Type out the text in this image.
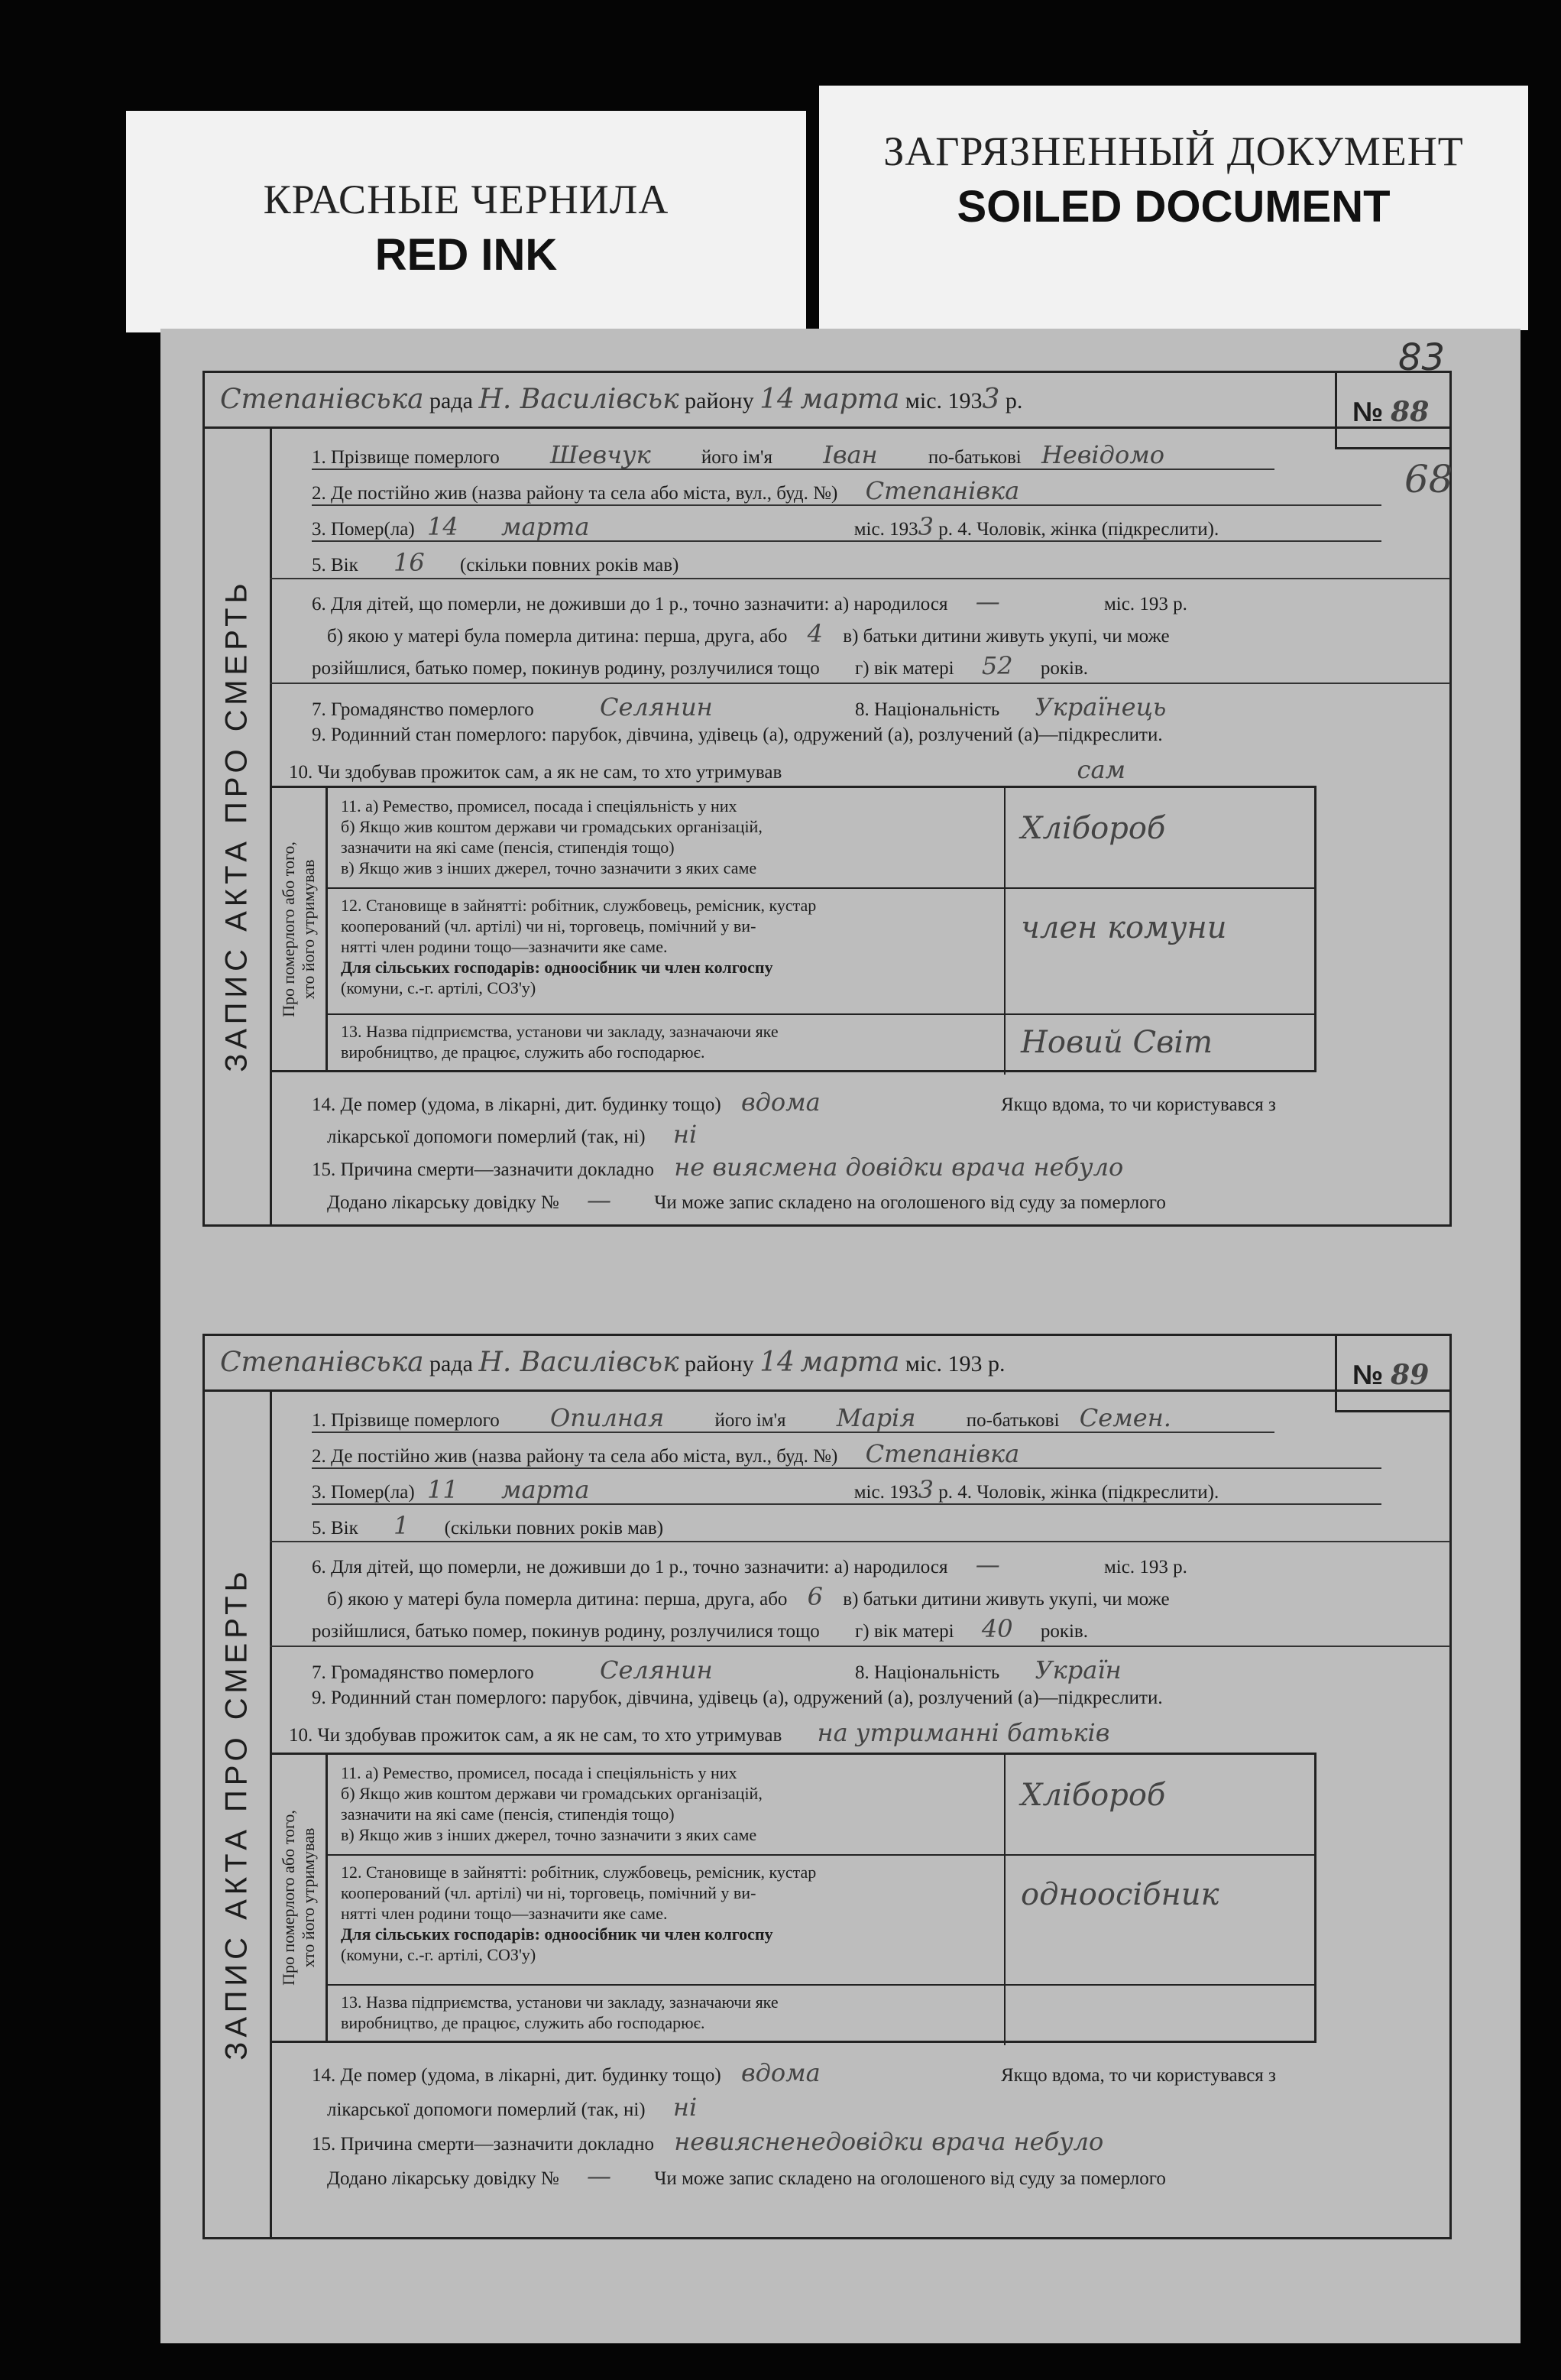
КРАСНЫЕ ЧЕРНИЛА
RED INK
ЗАГРЯЗНЕННЫЙ ДОКУМЕНТ
SOILED DOCUMENT
83
Степанівська рада Н. Василівськ району 14 марта міс. 1933 р.	№ 88
68
ЗАПИС АКТА ПРО СМЕРТЬ
1. Прізвище померлого Шевчук	його ім'я Іван	по-батькові Невідомо
2. Де постійно жив (назва району та села або міста, вул., буд. №) Степанівка
3. Помер(ла) 14 марта	міс. 1933 р. 4. Чоловік, жінка (підкреслити).
5. Вік 16 (скільки повних років мав)
6. Для дітей, що померли, не доживши до 1 р., точно зазначити: а) народилося —	міс. 193 р.
б) якою у матері була померла дитина: перша, друга, або 4 в) батьки дитини живуть укупі, чи може
розійшлися, батько помер, покинув родину, розлучилися тощо г) вік матері 52 років.
7. Громадянство померлого	Селянин	8. Національність Українець
9. Родинний стан померлого: парубок, дівчина, удівець (а), одружений (а), розлучений (а)—підкреслити.
10. Чи здобував прожиток сам, а як не сам, то хто утримував	сам
Про померлого або того, хто його утримував
11. а) Ремество, промисел, посада і спеціяльність у них
б) Якщо жив коштом держави чи громадських організацій,
зазначити на які саме (пенсія, стипендія тощо)
в) Якщо жив з інших джерел, точно зазначити з яких саме
Хлібороб
12. Становище в зайнятті: робітник, службовець, ремісник, кустар
кооперований (чл. артілі) чи ні, торговець, помічний у ви-
нятті член родини тощо—зазначити яке саме.
Для сільських господарів: одноосібник чи член колгоспу
(комуни, с.-г. артілі, СОЗ'у)
член комуни
13. Назва підприємства, установи чи закладу, зазначаючи яке
виробництво, де працює, служить або господарює.	Новий Світ
14. Де помер (удома, в лікарні, дит. будинку тощо) вдома	Якщо вдома, то чи користувався з
лікарської допомоги померлий (так, ні) ні
15. Причина смерти—зазначити докладно не виясмена довідки врача небуло
Додано лікарську довідку № — Чи може запис складено на оголошеного від суду за померлого
Степанівська рада Н. Василівськ району 14 марта міс. 193 р.	№ 89
ЗАПИС АКТА ПРО СМЕРТЬ
1. Прізвище померлого Опилная	його ім'я Марія	по-батькові Семен.
2. Де постійно жив (назва району та села або міста, вул., буд. №) Степанівка
3. Помер(ла) 11 марта	міс. 1933 р. 4. Чоловік, жінка (підкреслити).
5. Вік 1 (скільки повних років мав)
6. Для дітей, що померли, не доживши до 1 р., точно зазначити: а) народилося —	міс. 193 р.
б) якою у матері була померла дитина: перша, друга, або 6 в) батьки дитини живуть укупі, чи може
розійшлися, батько помер, покинув родину, розлучилися тощо г) вік матері 40 років.
7. Громадянство померлого	Селянин	8. Національність Україн
9. Родинний стан померлого: парубок, дівчина, удівець (а), одружений (а), розлучений (а)—підкреслити.
10. Чи здобував прожиток сам, а як не сам, то хто утримував на утриманні батьків
Про померлого або того, хто його утримував
11. а) Ремество, промисел, посада і спеціяльність у них
б) Якщо жив коштом держави чи громадських організацій,
зазначити на які саме (пенсія, стипендія тощо)
в) Якщо жив з інших джерел, точно зазначити з яких саме
Хлібороб
12. Становище в зайнятті: робітник, службовець, ремісник, кустар
кооперований (чл. артілі) чи ні, торговець, помічний у ви-
нятті член родини тощо—зазначити яке саме.
Для сільських господарів: одноосібник чи член колгоспу
(комуни, с.-г. артілі, СОЗ'у)
одноосібник
13. Назва підприємства, установи чи закладу, зазначаючи яке
виробництво, де працює, служить або господарює.
14. Де помер (удома, в лікарні, дит. будинку тощо) вдома	Якщо вдома, то чи користувався з
лікарської допомоги померлий (так, ні) ні
15. Причина смерти—зазначити докладно невиясненедовідки врача небуло
Додано лікарську довідку № — Чи може запис складено на оголошеного від суду за померлого
